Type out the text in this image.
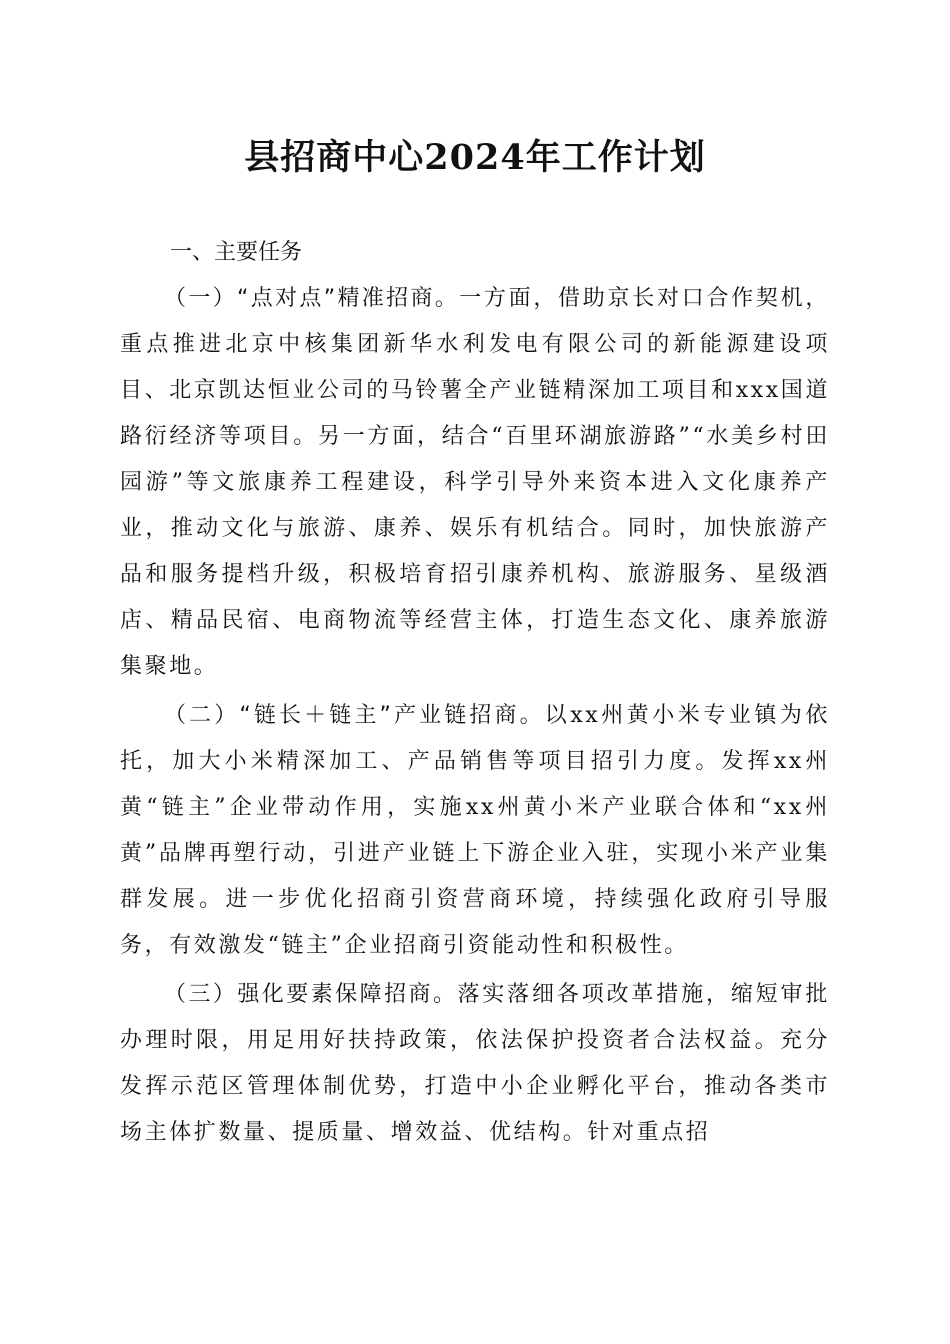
县招商中心2024年工作计划
一、主要任务

（一）“点对点”精准招商。一方面，借助京长对口合作契机，重点推进北京中核集团新华水利发电有限公司的新能源建设项目、北京凯达恒业公司的马铃薯全产业链精深加工项目和xxx国道路衍经济等项目。另一方面，结合“百里环湖旅游路”“水美乡村田园游”等文旅康养工程建设，科学引导外来资本进入文化康养产业，推动文化与旅游、康养、娱乐有机结合。同时，加快旅游产品和服务提档升级，积极培育招引康养机构、旅游服务、星级酒店、精品民宿、电商物流等经营主体，打造生态文化、康养旅游集聚地。

（二）“链长＋链主”产业链招商。以xx州黄小米专业镇为依托，加大小米精深加工、产品销售等项目招引力度。发挥xx州黄“链主”企业带动作用，实施xx州黄小米产业联合体和“xx州黄”品牌再塑行动，引进产业链上下游企业入驻，实现小米产业集群发展。进一步优化招商引资营商环境，持续强化政府引导服务，有效激发“链主”企业招商引资能动性和积极性。

（三）强化要素保障招商。落实落细各项改革措施，缩短审批办理时限，用足用好扶持政策，依法保护投资者合法权益。充分发挥示范区管理体制优势，打造中小企业孵化平台，推动各类市场主体扩数量、提质量、增效益、优结构。针对重点招
